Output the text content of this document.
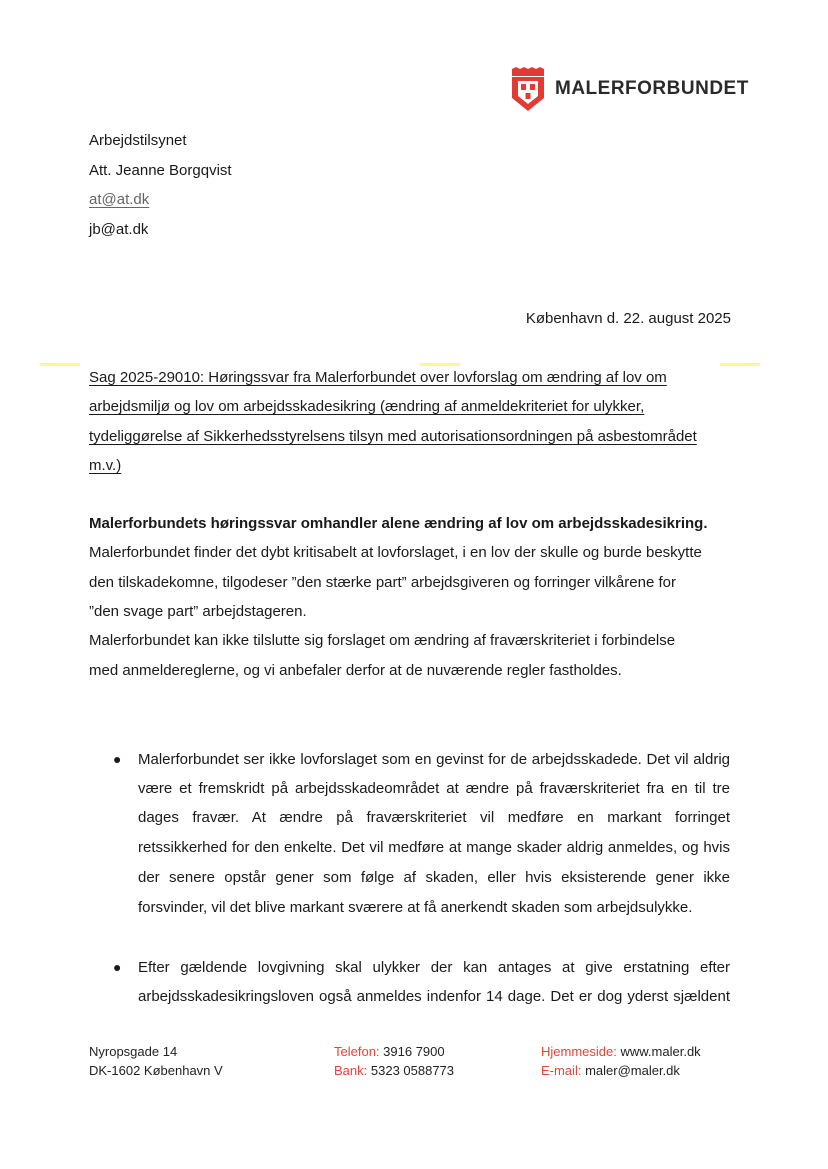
MALERFORBUNDET
Arbejdstilsynet
Att. Jeanne Borgqvist
at@at.dk
jb@at.dk
København d. 22. august 2025
Sag 2025-29010: Høringssvar fra Malerforbundet over lovforslag om ændring af lov om
arbejdsmiljø og lov om arbejdsskadesikring (ændring af anmeldekriteriet for ulykker,
tydeliggørelse af Sikkerhedsstyrelsens tilsyn med autorisationsordningen på asbestområdet
m.v.)
Malerforbundets høringssvar omhandler alene ændring af lov om arbejdsskadesikring.
Malerforbundet finder det dybt kritisabelt at lovforslaget, i en lov der skulle og burde beskytte
den tilskadekomne, tilgodeser ”den stærke part” arbejdsgiveren og forringer vilkårene for
”den svage part” arbejdstageren.
Malerforbundet kan ikke tilslutte sig forslaget om ændring af fraværskriteriet i forbindelse
med anmeldereglerne, og vi anbefaler derfor at de nuværende regler fastholdes.
● Malerforbundet ser ikke lovforslaget som en gevinst for de arbejdsskadede. Det vil aldrig
være et fremskridt på arbejdsskadeområdet at ændre på fraværskriteriet fra en til tre
dages fravær. At ændre på fraværskriteriet vil medføre en markant forringet
retssikkerhed for den enkelte. Det vil medføre at mange skader aldrig anmeldes, og hvis
der senere opstår gener som følge af skaden, eller hvis eksisterende gener ikke
forsvinder, vil det blive markant sværere at få anerkendt skaden som arbejdsulykke.
● Efter gældende lovgivning skal ulykker der kan antages at give erstatning efter
arbejdsskadesikringsloven også anmeldes indenfor 14 dage. Det er dog yderst sjældent
Nyropsgade 14
DK-1602 København V
Telefon: 3916 7900
Bank: 5323 0588773
Hjemmeside: www.maler.dk
E-mail: maler@maler.dk
